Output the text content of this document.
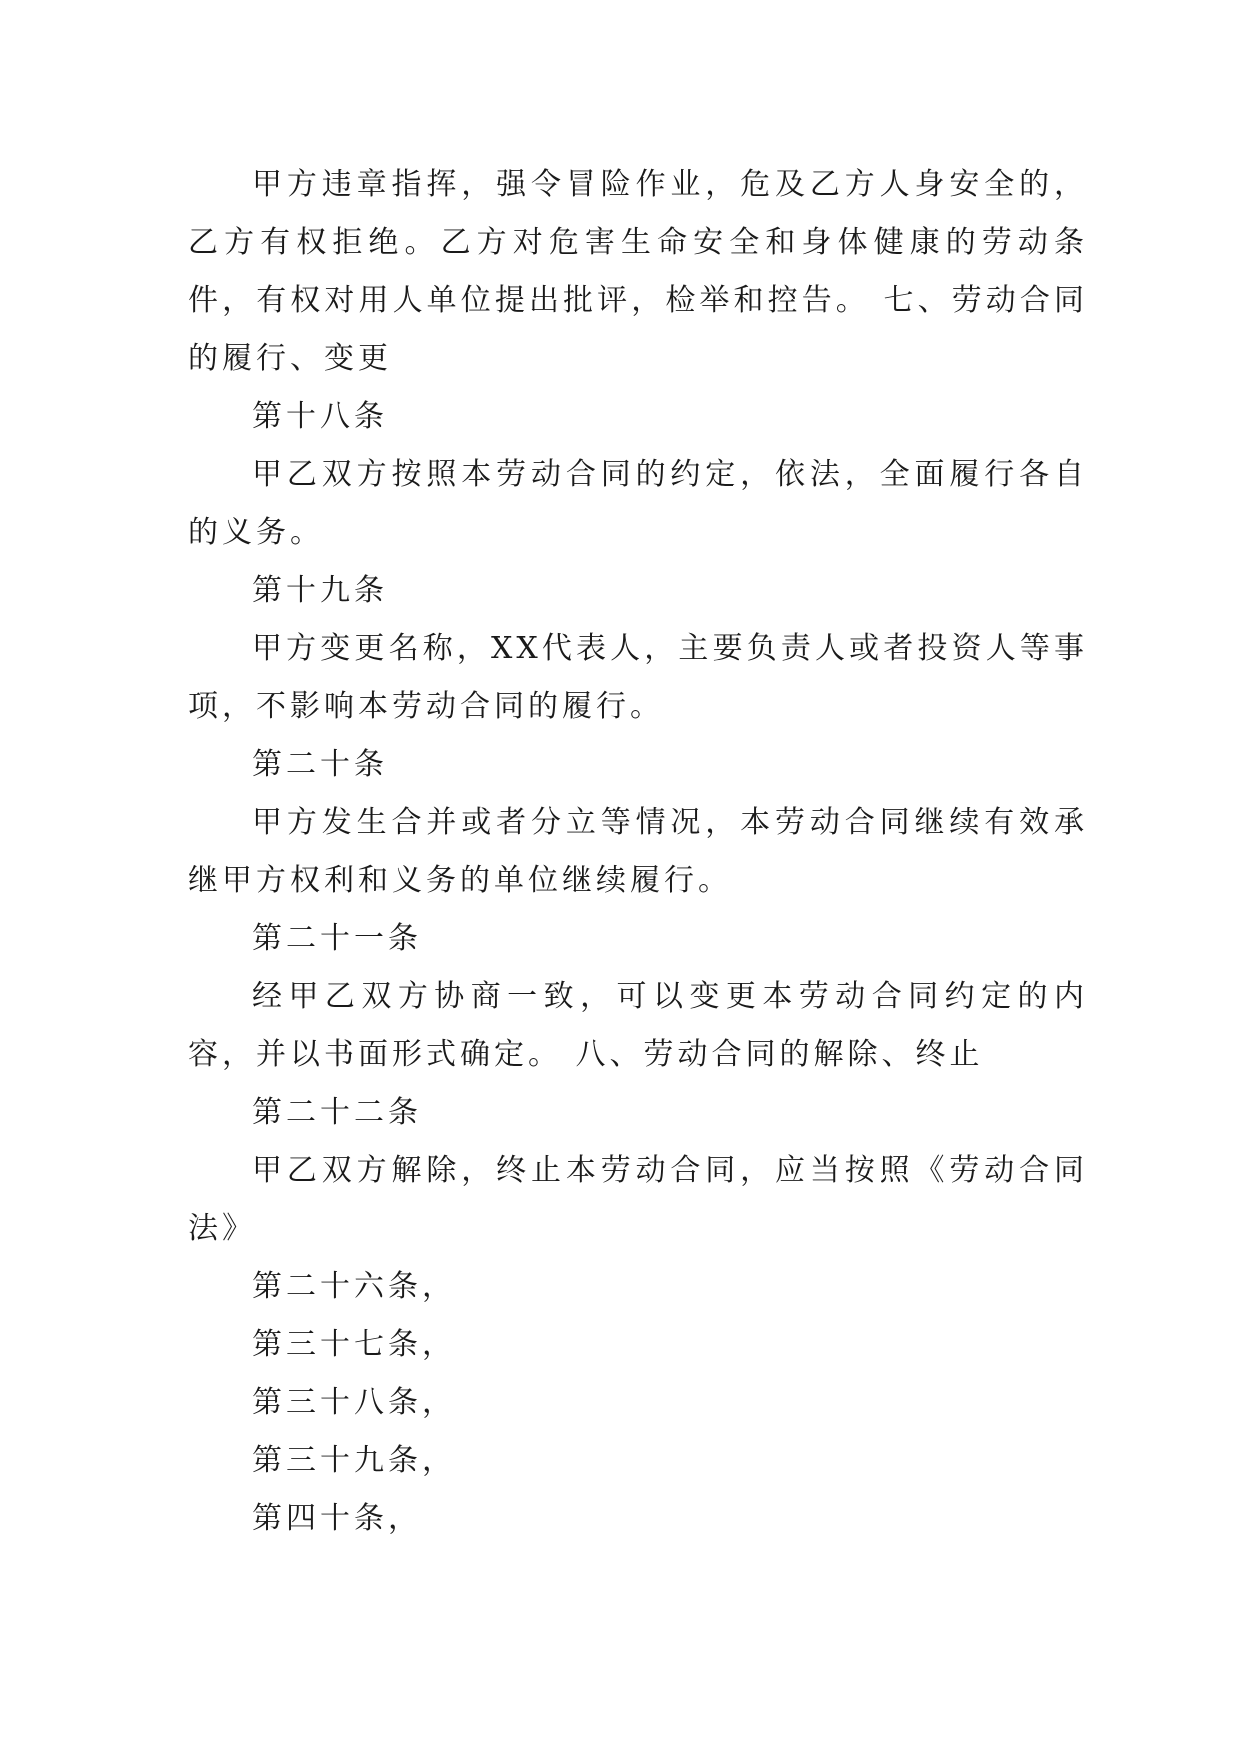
甲方违章指挥，强令冒险作业，危及乙方人身安全的，乙方有权拒绝。乙方对危害生命安全和身体健康的劳动条件，有权对用人单位提出批评，检举和控告。 七、劳动合同的履行、变更

第十八条

甲乙双方按照本劳动合同的约定，依法，全面履行各自的义务。

第十九条

甲方变更名称，XX代表人，主要负责人或者投资人等事项，不影响本劳动合同的履行。

第二十条

甲方发生合并或者分立等情况，本劳动合同继续有效承继甲方权利和义务的单位继续履行。

第二十一条

经甲乙双方协商一致，可以变更本劳动合同约定的内容，并以书面形式确定。 八、劳动合同的解除、终止

第二十二条

甲乙双方解除，终止本劳动合同，应当按照《劳动合同法》

第二十六条，

第三十七条，

第三十八条，

第三十九条，

第四十条，
